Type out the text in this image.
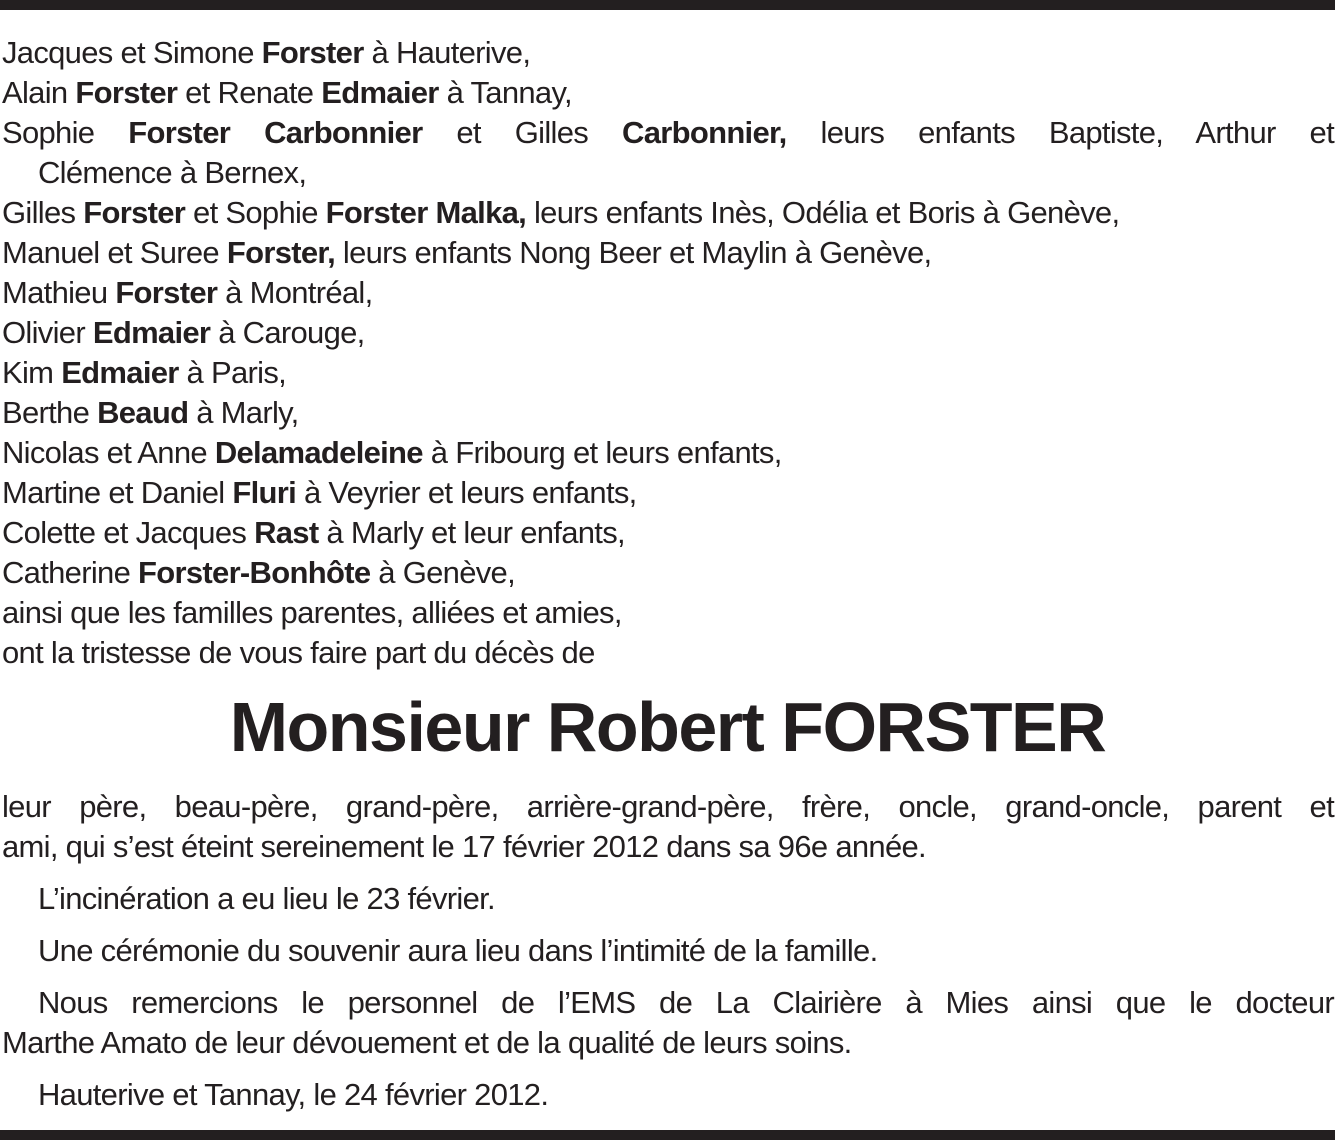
Jacques et Simone Forster à Hauterive,
Alain Forster et Renate Edmaier à Tannay,
Sophie Forster Carbonnier et Gilles Carbonnier, leurs enfants Baptiste, Arthur et
Clémence à Bernex,
Gilles Forster et Sophie Forster Malka, leurs enfants Inès, Odélia et Boris à Genève,
Manuel et Suree Forster, leurs enfants Nong Beer et Maylin à Genève,
Mathieu Forster à Montréal,
Olivier Edmaier à Carouge,
Kim Edmaier à Paris,
Berthe Beaud à Marly,
Nicolas et Anne Delamadeleine à Fribourg et leurs enfants,
Martine et Daniel Fluri à Veyrier et leurs enfants,
Colette et Jacques Rast à Marly et leur enfants,
Catherine Forster-Bonhôte à Genève,
ainsi que les familles parentes, alliées et amies,
ont la tristesse de vous faire part du décès de
Monsieur Robert FORSTER
leur père, beau-père, grand-père, arrière-grand-père, frère, oncle, grand-oncle, parent et
ami, qui s’est éteint sereinement le 17 février 2012 dans sa 96e année.
L’incinération a eu lieu le 23 février.
Une cérémonie du souvenir aura lieu dans l’intimité de la famille.
Nous remercions le personnel de l’EMS de La Clairière à Mies ainsi que le docteur
Marthe Amato de leur dévouement et de la qualité de leurs soins.
Hauterive et Tannay, le 24 février 2012.
